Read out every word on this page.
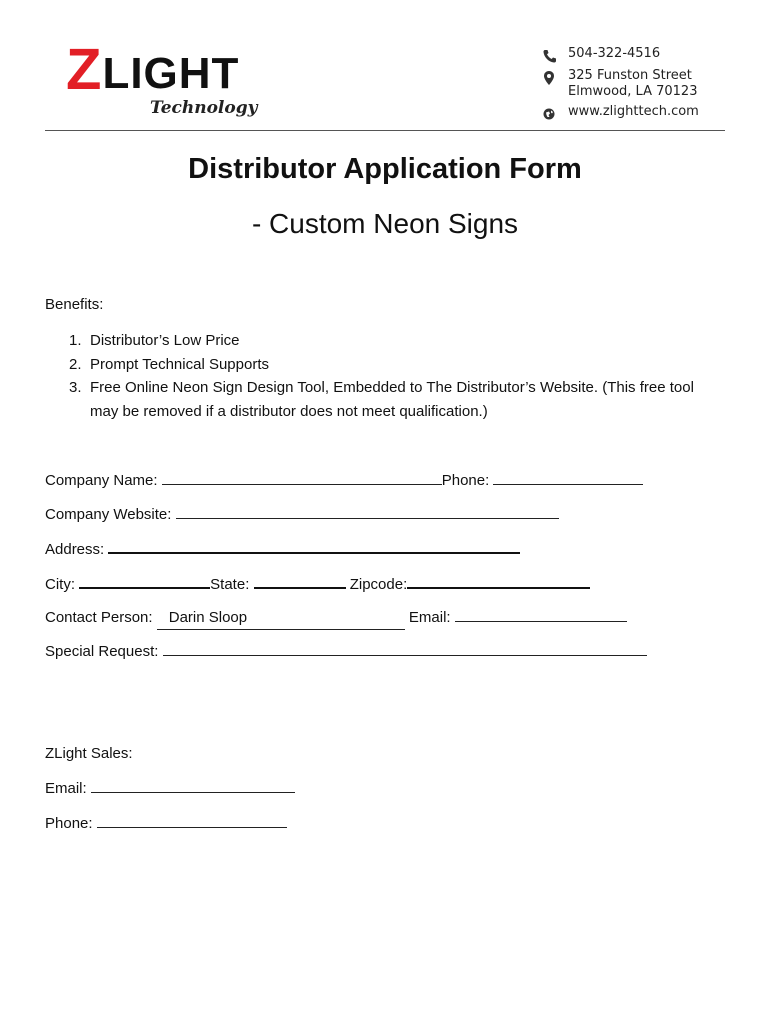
Z LIGHT
Technology
504-322-4516
325 Funston Street
Elmwood, LA 70123
www.zlighttech.com
Distributor Application Form
- Custom Neon Signs
Benefits:
1. Distributor’s Low Price
2. Prompt Technical Supports
3. Free Online Neon Sign Design Tool, Embedded to The Distributor’s Website. (This free tool may be removed if a distributor does not meet qualification.)
Company Name:	Phone:
Company Website:
Address:
City:	State:	Zipcode:
Contact Person: Darin Sloop	Email:
Special Request:
ZLight Sales:
Email:
Phone:
